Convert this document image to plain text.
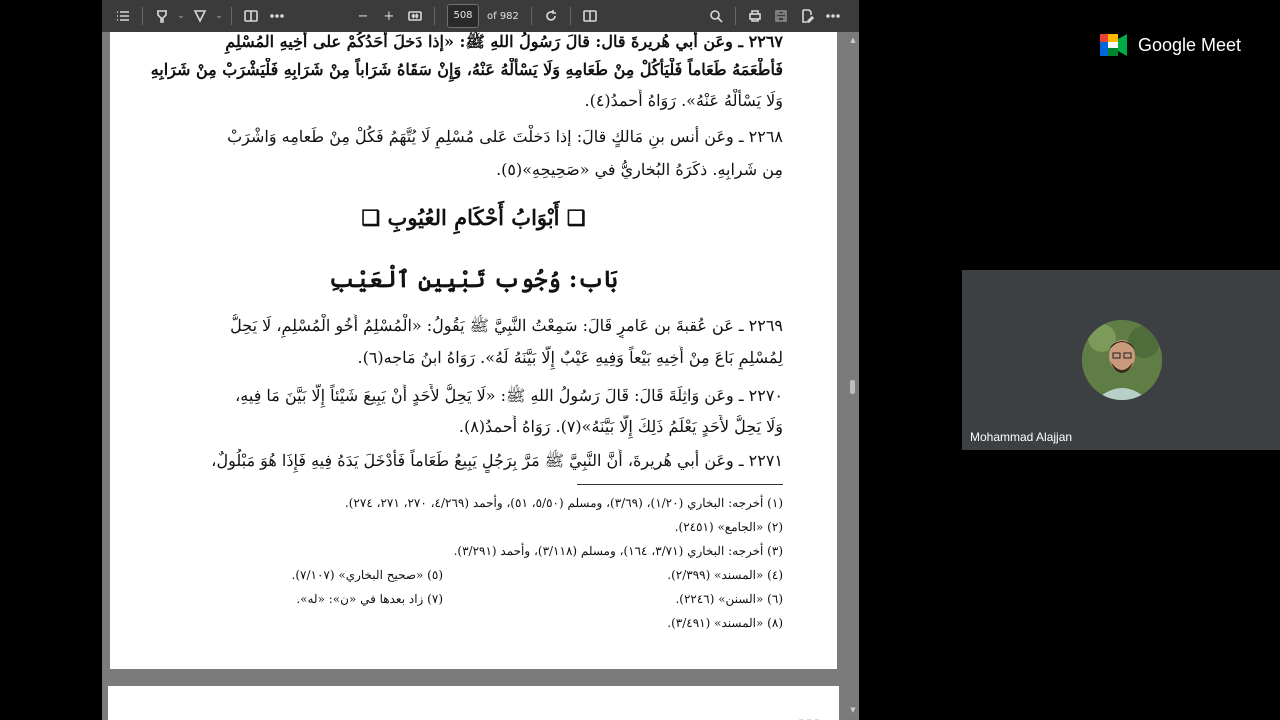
⌄	⌄	−	+	508	of 982
٢٢٦٧ ـ وعَن أبي هُريرةَ قال: قالَ رَسُولُ اللهِ ﷺ: «إذا دَخلَ أحَدُكُمْ على أخِيهِ المُسْلِمِ
فَأَطْعَمَهُ طَعَاماً فَلْيَأْكُلْ مِنْ طَعَامِهِ وَلَا يَسْأَلْهُ عَنْهُ، وَإِنْ سَقَاهُ شَرَاباً مِنْ شَرَابِهِ فَلْيَشْرَبْ مِنْ شَرَابِهِ
وَلَا يَسْأَلْهُ عَنْهُ». رَوَاهُ أَحمدُ(٤).
٢٢٦٨ ـ وعَن أنس بنِ مَالكٍ قالَ: إذا دَخلْتَ عَلى مُسْلِمٍ لَا يُتَّهَمُ فَكُلْ مِنْ طَعامِه وَاشْرَبْ
مِن شَرابِهِ. ذكَرَهُ البُخاريُّ في «صَحِيحِهِ»(٥).
❑ أَبْوَابُ أَحْكَامِ العُيُوبِ ❑
بَاب: وُجُوب تَبْيِينِ ٱلْعَيْبِ
٢٢٦٩ ـ عَن عُقبةَ بن عَامرٍ قَالَ: سَمِعْتُ النَّبِيَّ ﷺ يَقُولُ: «الْمُسْلِمُ أَخُو الْمُسْلِمِ، لَا يَحِلُّ
لِمُسْلِمٍ بَاعَ مِنْ أَخِيهِ بَيْعاً وَفِيهِ عَيْبٌ إِلَّا بَيَّنَهُ لَهُ». رَوَاهُ ابنُ مَاجه(٦).
٢٢٧٠ ـ وعَن وَاثِلَةَ قَالَ: قَالَ رَسُولُ اللهِ ﷺ: «لَا يَحِلُّ لأَحَدٍ أَنْ يَبِيعَ شَيْئاً إِلَّا بَيَّنَ مَا فِيهِ،
وَلَا يَحِلُّ لأَحَدٍ يَعْلَمُ ذَلِكَ إِلَّا بَيَّنَهُ»(٧). رَوَاهُ أَحمدُ(٨).
٢٢٧١ ـ وعَن أبي هُريرةَ، أَنَّ النَّبِيَّ ﷺ مَرَّ بِرَجُلٍ يَبِيعُ طَعَاماً فَأَدْخَلَ يَدَهُ فِيهِ فَإِذَا هُوَ مَبْلُولٌ،
(١) أخرجه: البخاري (١/٢٠)، (٣/٦٩)، ومسلم (٥/٥٠، ٥١)، وأحمد (٤/٢٦٩، ٢٧٠، ٢٧١، ٢٧٤).
(٢) «الجامع» (٢٤٥١).
(٣) أخرجه: البخاري (٣/٧١، ١٦٤)، ومسلم (٣/١١٨)، وأحمد (٣/٢٩١).
(٤) «المسند» (٢/٣٩٩).
(٥) «صحيح البخاري» (٧/١٠٧).
(٦) «السنن» (٢٢٤٦).
(٧) زاد بعدها في «ن»: «له».
(٨) «المسند» (٣/٤٩١).
ـ ـ ـ
▲
▼
Google Meet
Mohammad Alajjan
